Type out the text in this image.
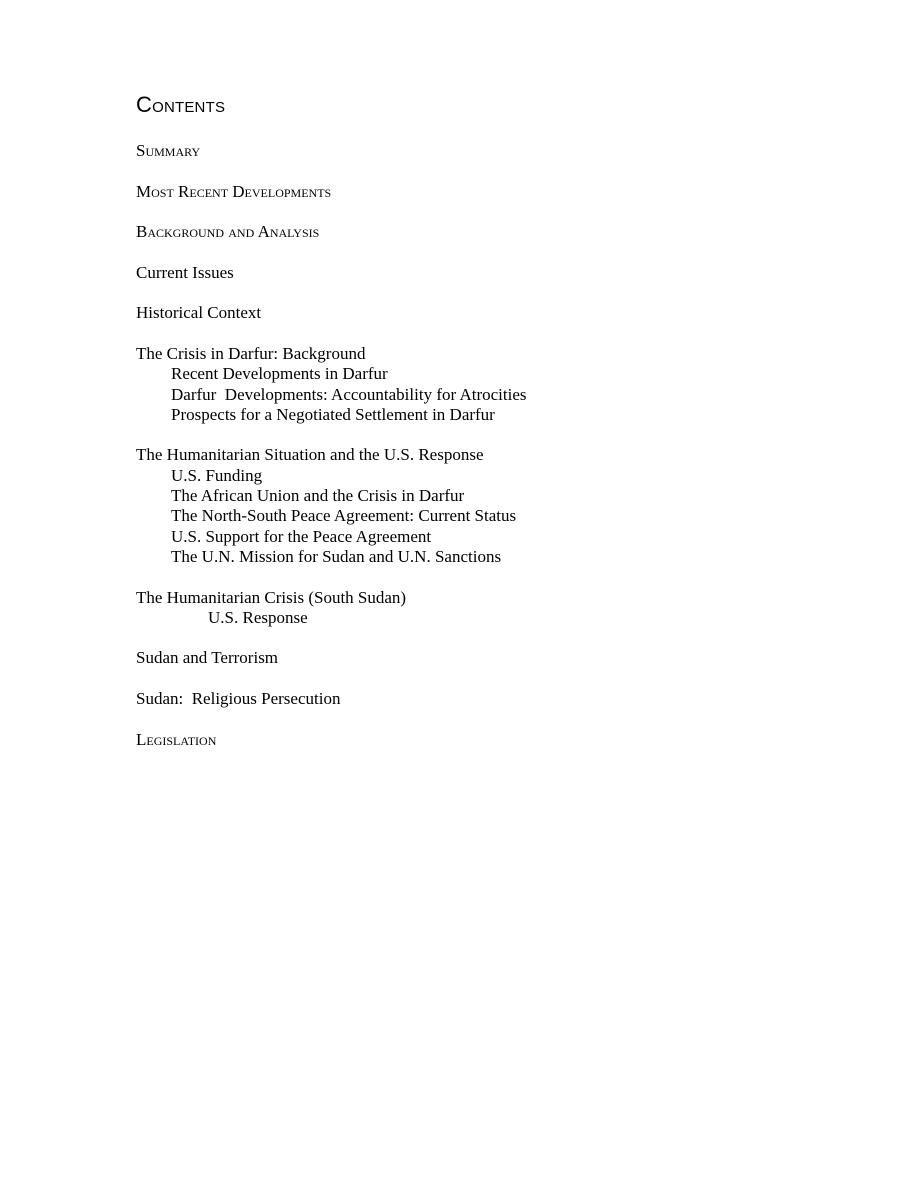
Contents
Summary
Most Recent Developments
Background and Analysis
Current Issues
Historical Context
The Crisis in Darfur: Background
Recent Developments in Darfur
Darfur  Developments: Accountability for Atrocities
Prospects for a Negotiated Settlement in Darfur
The Humanitarian Situation and the U.S. Response
U.S. Funding
The African Union and the Crisis in Darfur
The North-South Peace Agreement: Current Status
U.S. Support for the Peace Agreement
The U.N. Mission for Sudan and U.N. Sanctions
The Humanitarian Crisis (South Sudan)
U.S. Response
Sudan and Terrorism
Sudan:  Religious Persecution
Legislation
